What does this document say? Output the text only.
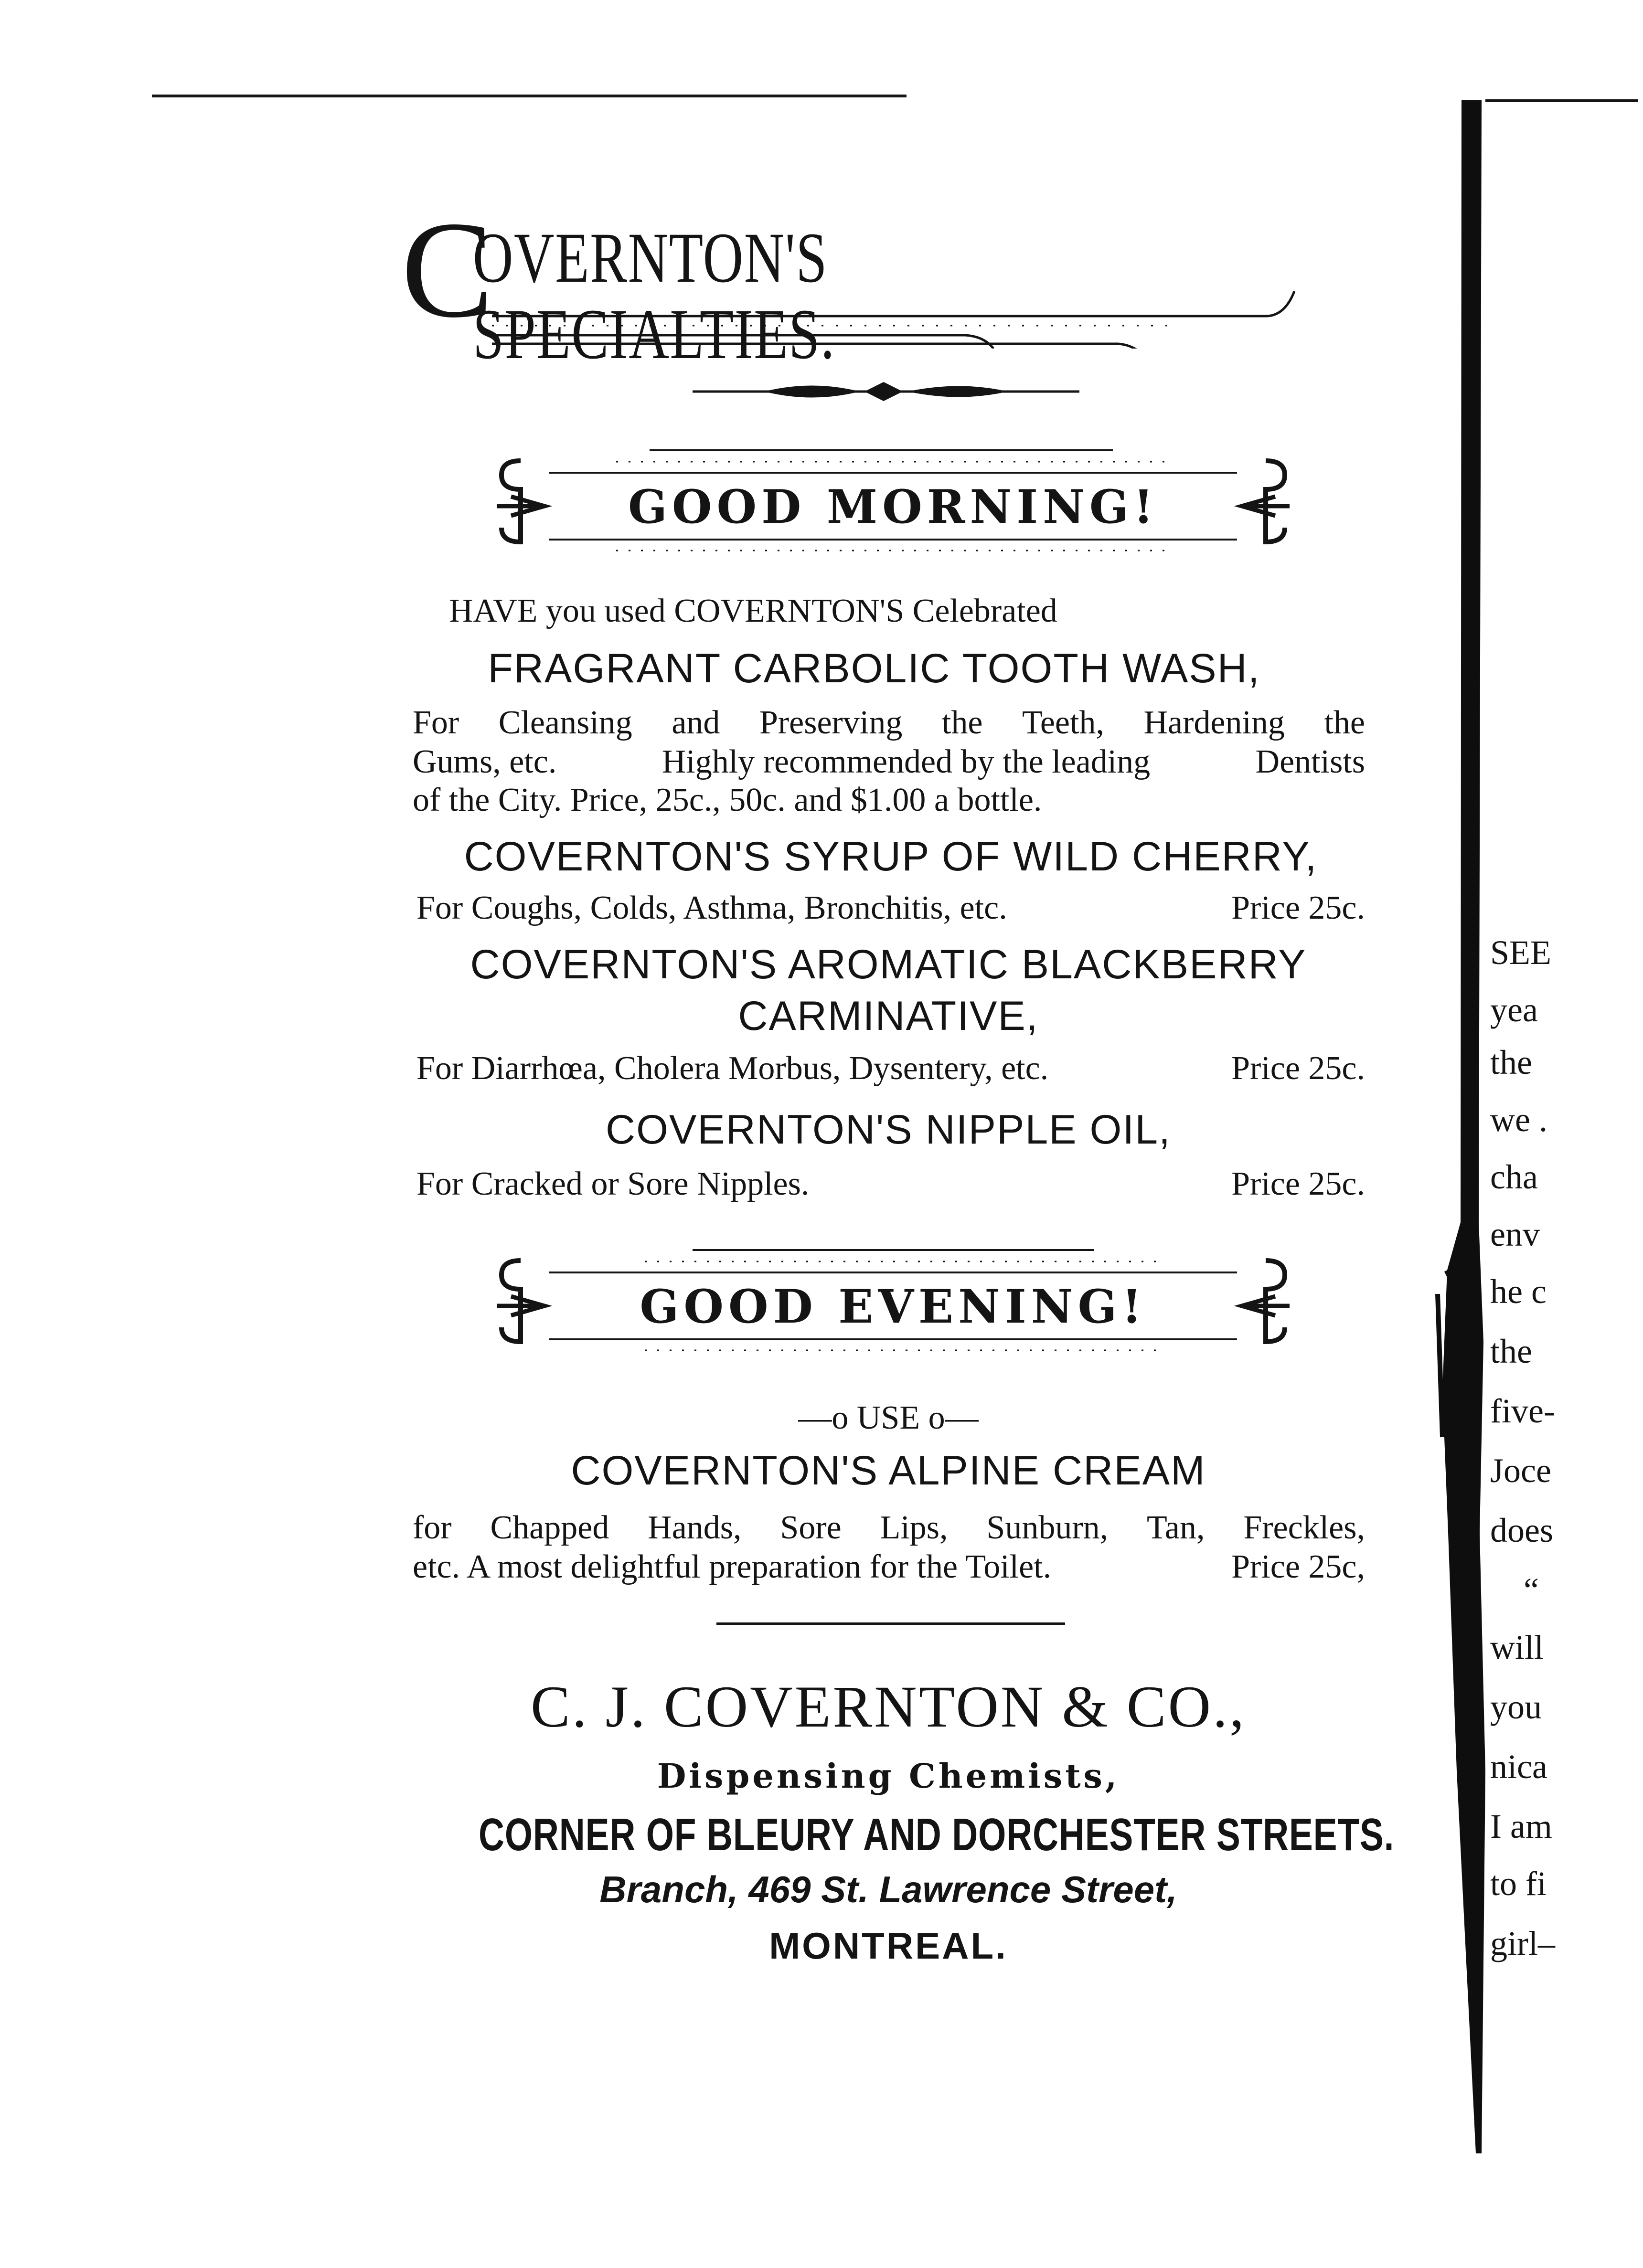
C
OVERNTON'S SPECIALTIES.
GOOD MORNING!
HAVE you used COVERNTON'S Celebrated
FRAGRANT CARBOLIC TOOTH WASH,
For Cleansing and Preserving the Teeth, Hardening the
Gums, etc.	Highly recommended by the leading	Dentists
of the City. Price, 25c., 50c. and $1.00 a bottle.
COVERNTON'S SYRUP OF WILD CHERRY,
For Coughs, Colds, Asthma, Bronchitis, etc.	Price 25c.
COVERNTON'S AROMATIC BLACKBERRY
CARMINATIVE,
For Diarrhœa, Cholera Morbus, Dysentery, etc.	Price 25c.
COVERNTON'S NIPPLE OIL,
For Cracked or Sore Nipples.	Price 25c.
GOOD EVENING!
—o USE o—
COVERNTON'S ALPINE CREAM
for Chapped Hands, Sore Lips, Sunburn, Tan, Freckles,
etc. A most delightful preparation for the Toilet.	Price 25c,
C. J. COVERNTON & CO.,
Dispensing Chemists,
CORNER OF BLEURY AND DORCHESTER STREETS.
Branch, 469 St. Lawrence Street,
MONTREAL.
SEE
yea
the
we .
cha
env
he c
the
five-
Joce
does
“
will
you
nica
I am
to fi
girl–
